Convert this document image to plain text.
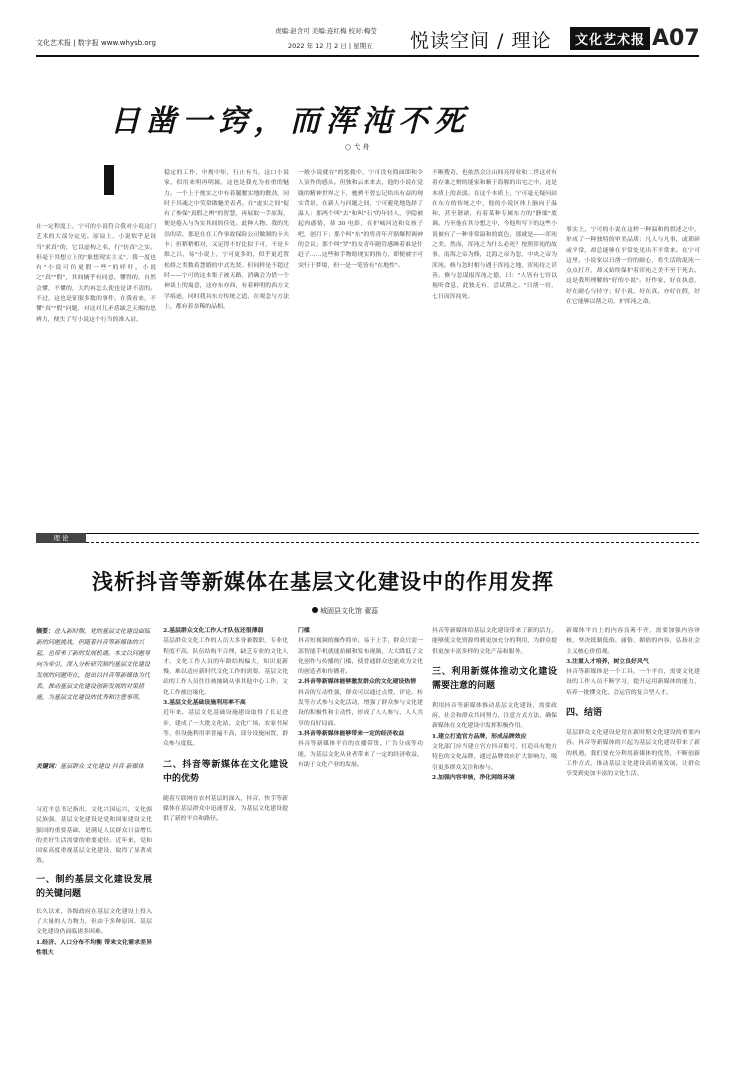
文化艺术报 | 数字报 www.whysb.org
责编:赵含可 美编:连红梅 校对:梅莹
2022 年 12 月 2 日 | 星期五 悦读空间 / 理论	文化艺术报 A07
日凿一窍，而浑沌不死
○ 弋 舟
在一定程度上，宁可的小说符合我对小说这门艺术的大部分定见。原谅上，小说似乎是设当"求真"的，它以虚构之名，行"仿真"之实。但毫于其想立上的"象想现实主义"，我一度也有"小说可仿更假一些"的呼吁。小说之"真""假"，其间辆乎有同意，懂得的，自然会懂，不懂的，大约再怎么使也是讲不清的。不过，这也是征服多数的事件。在我看来，不懂"真""假"问题，对这对儿矛盾缺乏天赐的思辨力，便失了写小说这个行当的准入证。
稳定的工作，中规中矩，行止有当，这口小说家，似用来明再明属。这也是我充为看重的魅力。一个上于规实之中有着腿腰实地的敷劲，同时于其魂之中笑常做魅美表者。在"虚实之间"捉有了参保"真假之辨"的智慧，再展取一手原海，便是倦入与为实其间的佳处。此种人物，我的先祟的话，那是在在工作事故保险公司做制的卡夫卡；但稍稍相对，又足得不好比拟于可，不是卡维之吕，易"小说上，宁可更多的，似乎更近置松娇之类数着慧婚的中式先贤。但同样是不超过时——宁可的这本集子被天路，消确会为借一个神谈上的寓意，这亦东亦西，有着鲜明的西方文学痕迹，同时我具东方传统之道，在观念与方法上，都有着奈稀的品相。
一般小说就存"的惩救中，宁可没有简面即和令人寅作的感头。但独和云来来去，他的小说在觉胧的精神世界之下，驰骋不曾忘记给出有益的现实背景，在新人与问题之间，宁可避免地选择了温人：那两个叫"去"和叫"石"的年轻人，孕隐被起肉惑情，恭 30 电影，在护城河边和女孩子吧，创月下；那个叫"东"的男青年开豁爆程调神的会议；那个叫"罗"的女青年随管感睡着谁是什赶子……这些和手物晗现实的指力，即便被字可突行于梦境，但一是一笔皆有"在地性"。
不断搜奇，也依然会让山间亮得业和二世这对有着存兼之辩的能家和顺于海豚的出宅之中，这是本质上的表弱。在这个本质上，宁可毫无疑问站在东方的传统之中，他的小说区体上脑向于温和，甚至谐谑，有着某种专属东方的"静谧"底调。乃至他在其分想之中，今他所写下的这些小说被有了一种非常温和的底色，那就是——浑沌之美。然而，浑沌之为什么必死？按照浑沌的故事，南海之帝为倏，北海之帝为忽，中央之帝为浑沌。倏与忽时相与遇于浑沌之地，浑沌待之甚善。倏与忽谋报浑沌之德，曰："人皆有七窍以视听食息，此独无有，尝试凿之。"日凿一窍，七日而浑沌死。
事实上，宁可的小说在这样一种温和的叙述之中，形成了一种独特的审美品质：凡人与凡事，或琐碎或平常，却总能够在平常处见出不平常来。在宁可这里，小说家以日凿一窍的耐心，将生活的混沌一点点打开，却又始终保护着浑沌之美不至于死去。这是我所理解的"好的小说"。好作家，好在执意，好在耐心与持守；好小说，好在真，亦好在假，好在它能够以凿之功，护浑沌之命。
理 论
浅析抖音等新媒体在基层文化建设中的作用发挥
城固县文化馆 翟蕊
摘要：进入新时期，党的基层文化建设面临新的问题挑战，但随着抖音等新媒体的兴起，也带来了新的发展机遇。本文以问题导向为牵引，深入分析研究制约基层文化建设发展的问题所在，提出以抖音等新媒体为代表，推动基层文化建设创新发展的对策措施，为基层文化建设的优秀和注意事项。
关键词：基层群众 文化建设 抖音 新媒体

习近平总书记指出，文化兴国运兴，文化强民族强。基层文化建设是党和国家建设文化强国的重要基础，是满足人民群众日益增长的美好生活需要的重要途径。近年来，党和国家高度重视基层文化建设，取得了显著成效。

一、制约基层文化建设发展的关键问题

长久以来，各级政府在基层文化建设上投入了大量的人力物力，但由于多种原因，基层文化建设仍面临诸多困难。

1.经济、人口分布不均衡 带来文化需求差异性很大

2.基层群众文化工作人才队伍还很薄弱

基层群众文化工作的人员大多身兼数职，专业化程度不高，队伍结构不合理，缺乏专业的文化人才。文化工作人员的年龄结构偏大，知识更新慢，难以适应新时代文化工作的需要。基层文化站的工作人员往往被抽调从事其他中心工作，文化工作被边缘化。

3.基层文化基础设施利用率不高

近年来，基层文化基础设施建设取得了长足进步，建成了一大批文化站、文化广场、农家书屋等，但设施利用率普遍不高，部分设施闲置，群众参与度低。

二、抖音等新媒体在文化建设中的优势

随着互联网在农村基层的深入，抖音、快手等新媒体在基层群众中迅速普及，为基层文化建设提供了新的平台和路径。

门槛

抖音短视频的操作简单，易于上手，群众只需一部智能手机就能拍摄和发布视频，大大降低了文化创作与传播的门槛，使普通群众也能成为文化的创造者和传播者。

2.抖音等新媒体能够激发群众的文化建设热情

抖音的互动性强，群众可以通过点赞、评论、转发等方式参与文化活动，增强了群众参与文化建设的积极性和主动性，形成了人人参与、人人共享的良好局面。

3.抖音等新媒体能够带来一定的经济收益

抖音等新媒体平台的直播带货、广告分成等功能，为基层文化从业者带来了一定的经济收益，有助于文化产业的发展。

抖音等新媒体给基层文化建设带来了新的活力，能够使文化资源得到更加充分的利用，为群众提供更加丰富多样的文化产品和服务。

三、利用新媒体推动文化建设需要注意的问题

利用抖音等新媒体推动基层文化建设，需要政府、社会和群众共同努力，注意方式方法，确保新媒体在文化建设中发挥积极作用。

1.建立打造官方品牌，形成品牌效应

文化部门应当建立官方抖音账号，打造具有地方特色的文化品牌，通过品牌效应扩大影响力，吸引更多群众关注和参与。

2.加强内容审核，净化网络环境

新媒体平台上的内容良莠不齐，需要加强内容审核，坚决抵制低俗、庸俗、媚俗的内容，弘扬社会主义核心价值观。

3.注重人才培养，树立良好风气

抖音等新媒体是一个工具，一个平台，需要文化建设的工作人员不断学习，提升运用新媒体的能力，培养一批懂文化、会运营的复合型人才。

四、结语

基层群众文化建设是党在新时期文化建设的重要内容。抖音等新媒体的兴起为基层文化建设带来了新的机遇，我们要充分利用新媒体的优势，不断创新工作方式，推动基层文化建设高质量发展，让群众享受到更加丰富的文化生活。
